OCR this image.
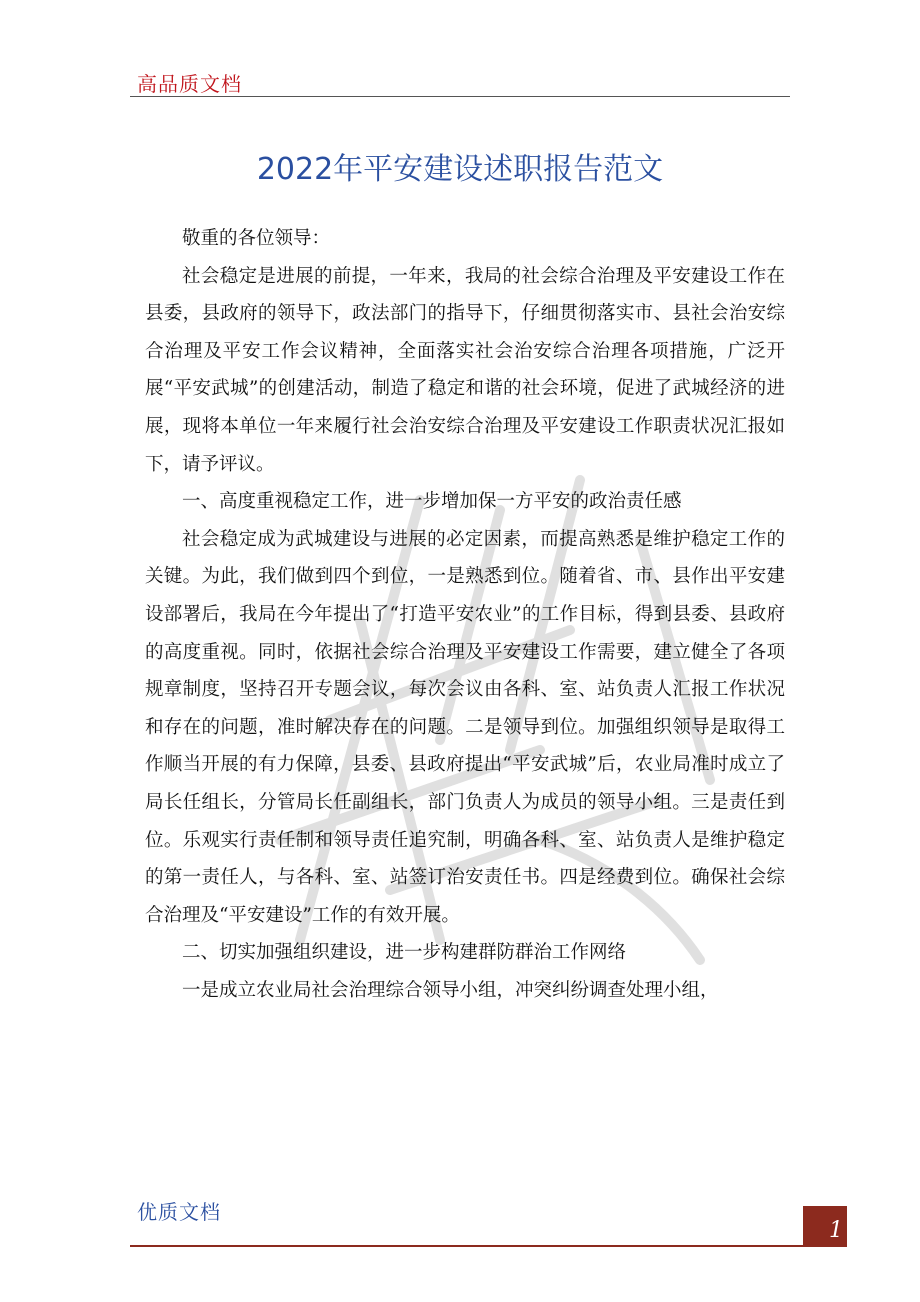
高品质文档
2022年平安建设述职报告范文

敬重的各位领导：

社会稳定是进展的前提，一年来，我局的社会综合治理及平安建设工作在县委，县政府的领导下，政法部门的指导下，仔细贯彻落实市、县社会治安综合治理及平安工作会议精神，全面落实社会治安综合治理各项措施，广泛开展“平安武城”的创建活动，制造了稳定和谐的社会环境，促进了武城经济的进展，现将本单位一年来履行社会治安综合治理及平安建设工作职责状况汇报如下，请予评议。

一、高度重视稳定工作，进一步增加保一方平安的政治责任感

社会稳定成为武城建设与进展的必定因素，而提高熟悉是维护稳定工作的关键。为此，我们做到四个到位，一是熟悉到位。随着省、市、县作出平安建设部署后，我局在今年提出了“打造平安农业”的工作目标，得到县委、县政府的高度重视。同时，依据社会综合治理及平安建设工作需要，建立健全了各项规章制度，坚持召开专题会议，每次会议由各科、室、站负责人汇报工作状况和存在的问题，准时解决存在的问题。二是领导到位。加强组织领导是取得工作顺当开展的有力保障，县委、县政府提出“平安武城”后，农业局准时成立了局长任组长，分管局长任副组长，部门负责人为成员的领导小组。三是责任到位。乐观实行责任制和领导责任追究制，明确各科、室、站负责人是维护稳定的第一责任人，与各科、室、站签订治安责任书。四是经费到位。确保社会综合治理及“平安建设”工作的有效开展。

二、切实加强组织建设，进一步构建群防群治工作网络

一是成立农业局社会治理综合领导小组，冲突纠纷调查处理小组，

优质文档
1
